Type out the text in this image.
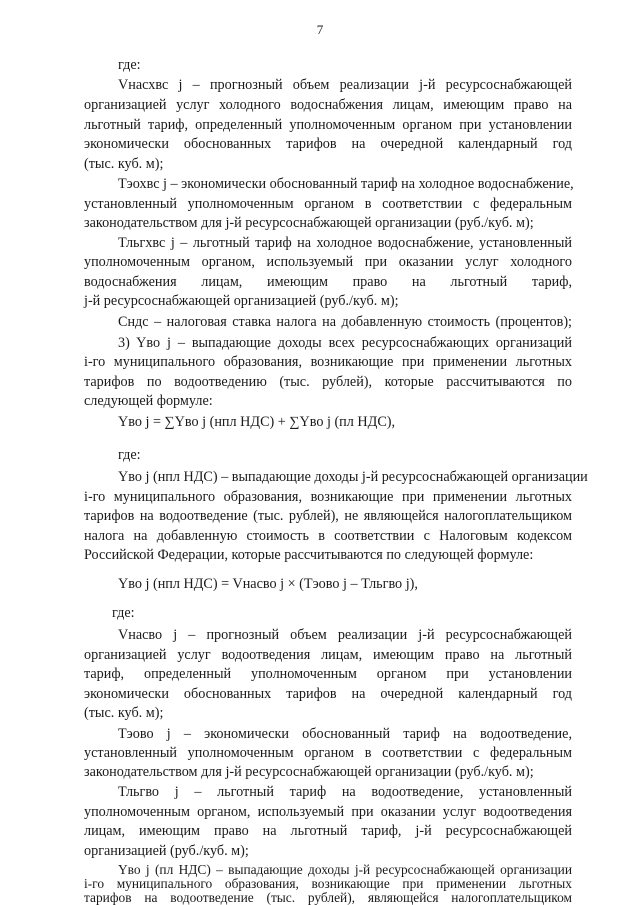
7
где:
Vнасхвс j – прогнозный объем реализации j-й ресурсоснабжающей
организацией услуг холодного водоснабжения лицам, имеющим право на
льготный тариф, определенный уполномоченным органом при установлении
экономически обоснованных тарифов на очередной календарный год
(тыс. куб. м);
Тэохвс j – экономически обоснованный тариф на холодное водоснабжение,
установленный уполномоченным органом в соответствии с федеральным
законодательством для j-й ресурсоснабжающей организации (руб./куб. м);
Тльгхвс j – льготный тариф на холодное водоснабжение, установленный
уполномоченным органом, используемый при оказании услуг холодного
водоснабжения лицам, имеющим право на льготный тариф,
j-й ресурсоснабжающей организацией (руб./куб. м);
Сндс – налоговая ставка налога на добавленную стоимость (процентов);
3) Yво j – выпадающие доходы всех ресурсоснабжающих организаций
i-го муниципального образования, возникающие при применении льготных
тарифов по водоотведению (тыс. рублей), которые рассчитываются по
следующей формуле:
Yво j = ∑Yво j (нпл НДС) + ∑Yво j (пл НДС),
где:
Yво j (нпл НДС) – выпадающие доходы j-й ресурсоснабжающей организации
i-го муниципального образования, возникающие при применении льготных
тарифов на водоотведение (тыс. рублей), не являющейся налогоплательщиком
налога на добавленную стоимость в соответствии с Налоговым кодексом
Российской Федерации, которые рассчитываются по следующей формуле:
Yво j (нпл НДС) = Vнасво j × (Тэово j – Тльгво j),
где:
Vнасво j – прогнозный объем реализации j-й ресурсоснабжающей
организацией услуг водоотведения лицам, имеющим право на льготный
тариф, определенный уполномоченным органом при установлении
экономически обоснованных тарифов на очередной календарный год
(тыс. куб. м);
Тэово j – экономически обоснованный тариф на водоотведение,
установленный уполномоченным органом в соответствии с федеральным
законодательством для j-й ресурсоснабжающей организации (руб./куб. м);
Тльгво j – льготный тариф на водоотведение, установленный
уполномоченным органом, используемый при оказании услуг водоотведения
лицам, имеющим право на льготный тариф, j-й ресурсоснабжающей
организацией (руб./куб. м);
Yво j (пл НДС) – выпадающие доходы j-й ресурсоснабжающей организации
i-го муниципального образования, возникающие при применении льготных
тарифов на водоотведение (тыс. рублей), являющейся налогоплательщиком
